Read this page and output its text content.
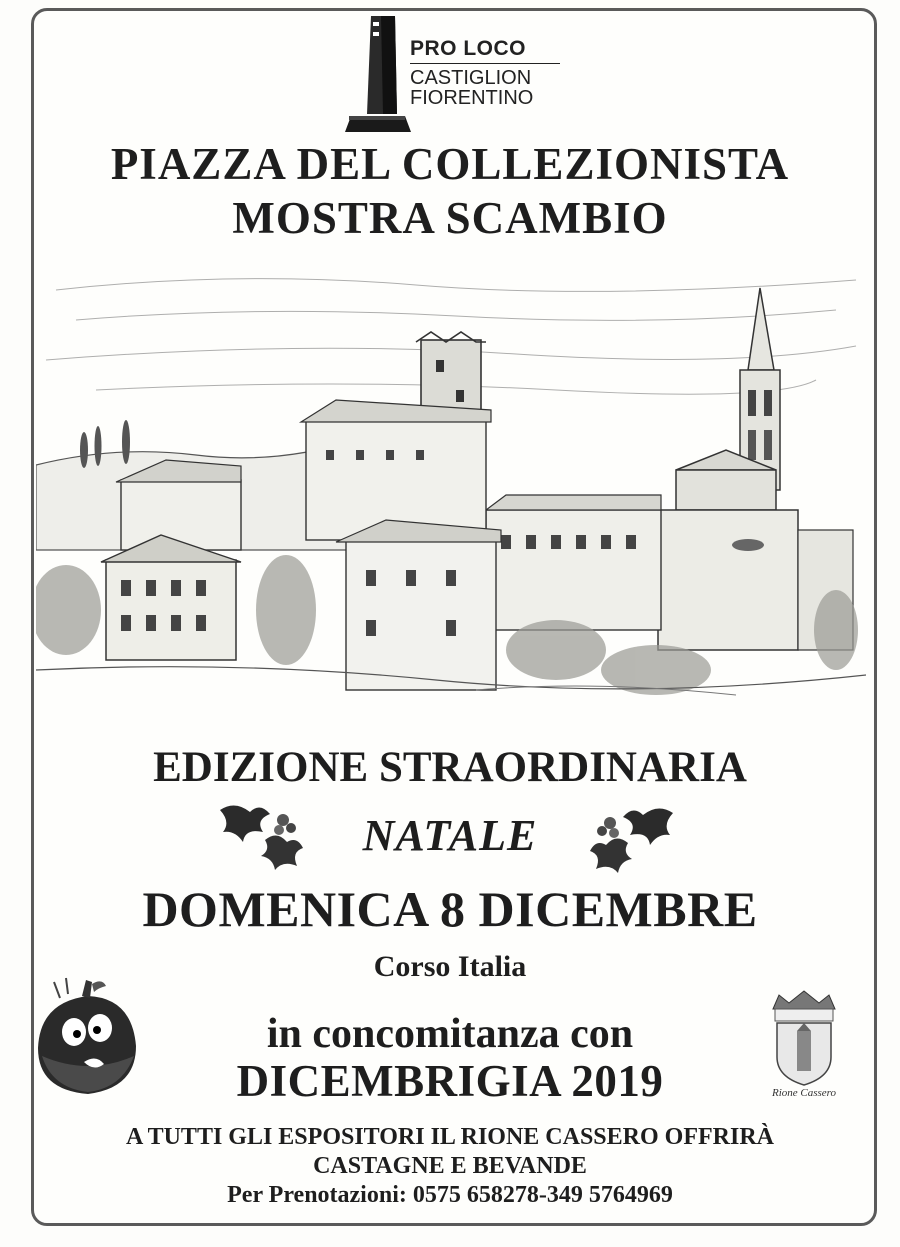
PRO LOCO
CASTIGLION
FIORENTINO
PIAZZA DEL COLLEZIONISTA
MOSTRA SCAMBIO
EDIZIONE STRAORDINARIA
NATALE
DOMENICA 8 DICEMBRE
Corso Italia
in concomitanza con
DICEMBRIGIA 2019	Rione Cassero
A TUTTI GLI ESPOSITORI IL RIONE CASSERO OFFRIRÀ
CASTAGNE E BEVANDE
Per Prenotazioni: 0575 658278-349 5764969
